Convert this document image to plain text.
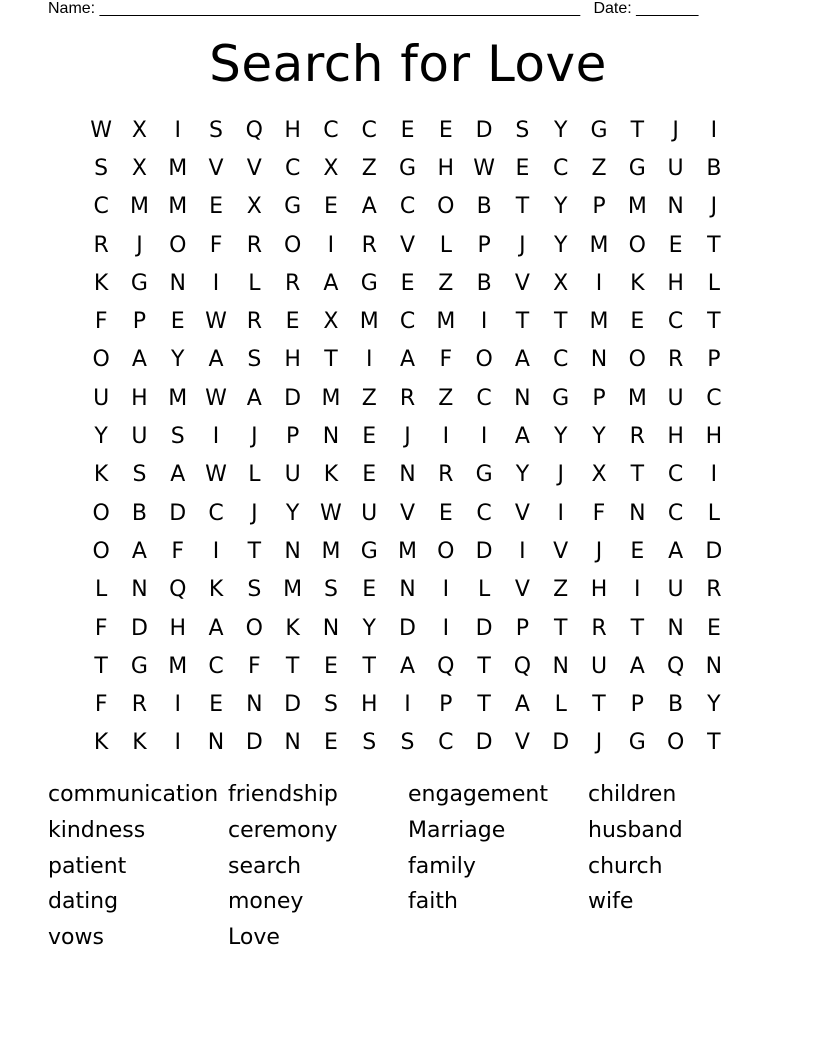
Name: ______________________________________________________ Date: _______
Search for Love
W X	I	S	Q H	C	C	E	E	D	S	Y	G	T	J	I
S	X M V	V	C	X	Z	G H W E	C	Z	G U	B
C M M E	X	G	E	A	C O	B	T	Y	P	M N	J
R	J	O	F	R O	I	R	V	L	P	J	Y	M O	E	T
K	G N	I	L	R	A	G	E	Z	B	V	X	I	K	H	L
F	P	E W R	E	X M C M	I	T	T	M E	C	T
O	A	Y	A	S	H	T	I	A	F	O	A	C	N O R	P
U H M W A	D M Z	R	Z	C	N G	P	M U	C
Y	U	S	I	J	P	N	E	J	I	I	A	Y	Y	R	H H
K	S	A W L	U	K	E	N	R	G	Y	J	X	T	C	I
O	B	D	C	J	Y W U	V	E	C	V	I	F	N	C	L
O	A	F	I	T	N M G M O D	I	V	J	E	A	D
L	N Q	K	S M S	E	N	I	L	V	Z	H	I	U	R
F	D H	A	O	K	N	Y	D	I	D	P	T	R	T	N	E
T	G M C	F	T	E	T	A	Q	T	Q N	U	A	Q N
F	R	I	E	N D	S	H	I	P	T	A	L	T	P	B	Y
K	K	I	N D N	E	S	S	C	D	V	D	J	G O	T
communication friendship	engagement	children
kindness	ceremony	Marriage	husband
patient	search	family	church
dating	money	faith	wife
vows	Love
